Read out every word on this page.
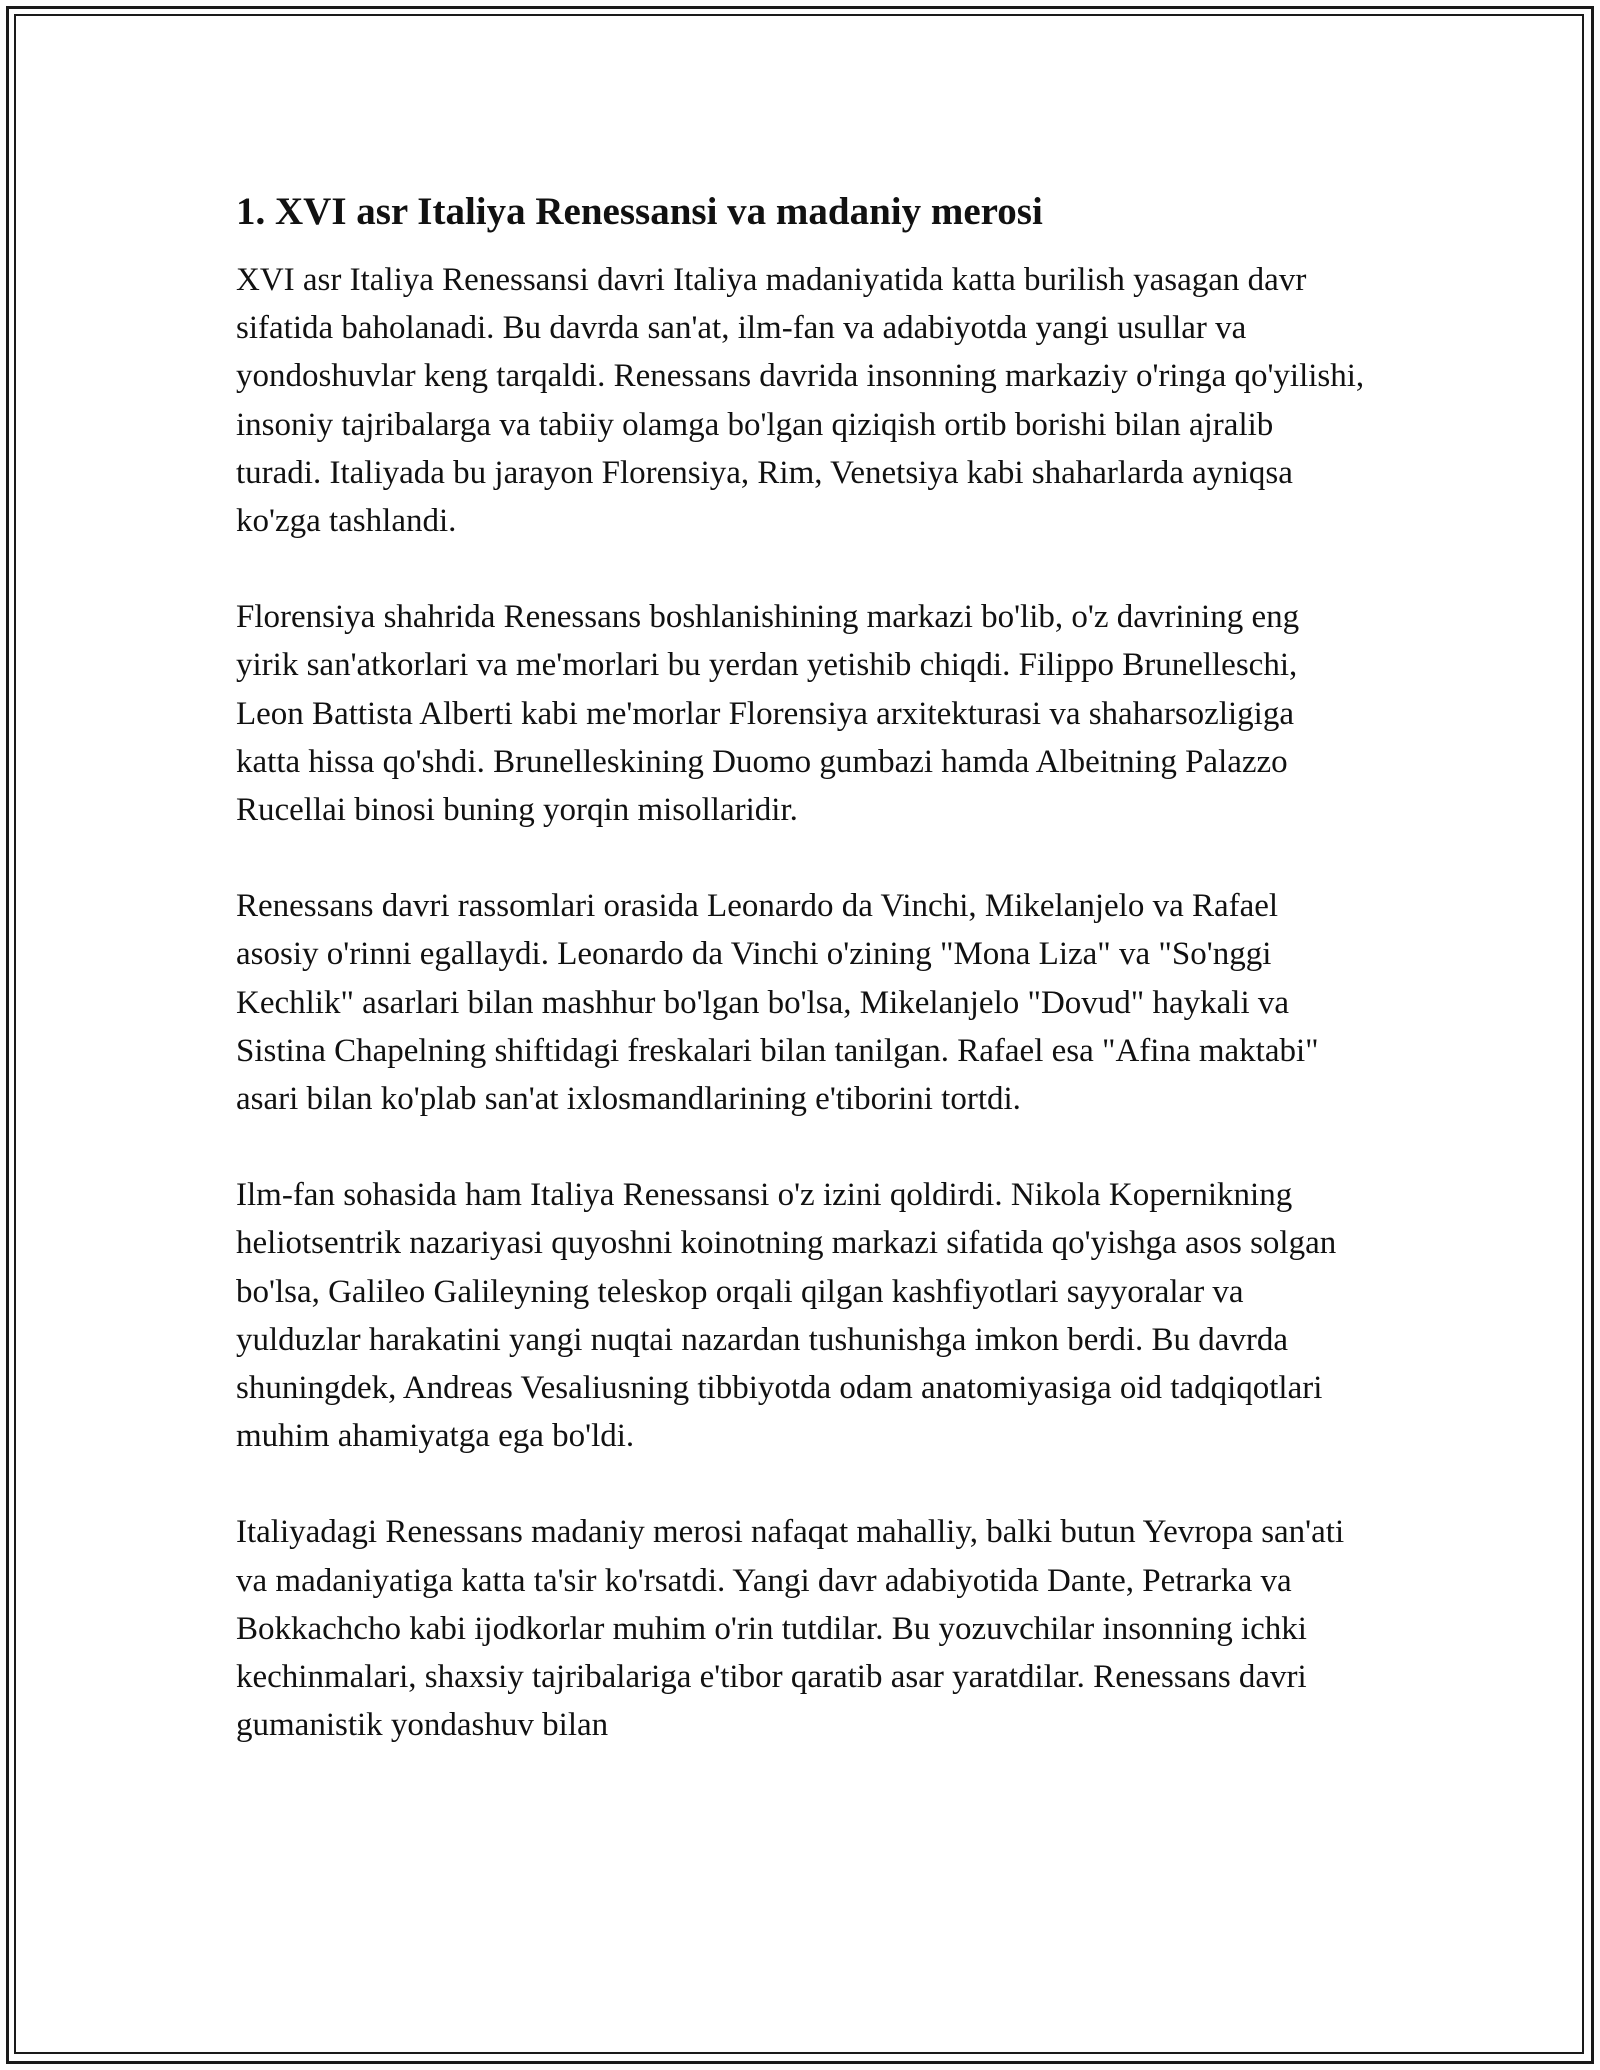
1. XVI asr Italiya Renessansi va madaniy merosi

XVI asr Italiya Renessansi davri Italiya madaniyatida katta burilish yasagan davr sifatida baholanadi. Bu davrda san'at, ilm-fan va adabiyotda yangi usullar va yondoshuvlar keng tarqaldi. Renessans davrida insonning markaziy o'ringa qo'yilishi, insoniy tajribalarga va tabiiy olamga bo'lgan qiziqish ortib borishi bilan ajralib turadi. Italiyada bu jarayon Florensiya, Rim, Venetsiya kabi shaharlarda ayniqsa ko'zga tashlandi.

Florensiya shahrida Renessans boshlanishining markazi bo'lib, o'z davrining eng yirik san'atkorlari va me'morlari bu yerdan yetishib chiqdi. Filippo Brunelleschi, Leon Battista Alberti kabi me'morlar Florensiya arxitekturasi va shaharsozligiga katta hissa qo'shdi. Brunelleskining Duomo gumbazi hamda Albeitning Palazzo Rucellai binosi buning yorqin misollaridir.

Renessans davri rassomlari orasida Leonardo da Vinchi, Mikelanjelo va Rafael asosiy o'rinni egallaydi. Leonardo da Vinchi o'zining "Mona Liza" va "So'nggi Kechlik" asarlari bilan mashhur bo'lgan bo'lsa, Mikelanjelo "Dovud" haykali va Sistina Chapelning shiftidagi freskalari bilan tanilgan. Rafael esa "Afina maktabi" asari bilan ko'plab san'at ixlosmandlarining e'tiborini tortdi.

Ilm-fan sohasida ham Italiya Renessansi o'z izini qoldirdi. Nikola Kopernikning heliotsentrik nazariyasi quyoshni koinotning markazi sifatida qo'yishga asos solgan bo'lsa, Galileo Galileyning teleskop orqali qilgan kashfiyotlari sayyoralar va yulduzlar harakatini yangi nuqtai nazardan tushunishga imkon berdi. Bu davrda shuningdek, Andreas Vesaliusning tibbiyotda odam anatomiyasiga oid tadqiqotlari muhim ahamiyatga ega bo'ldi.

Italiyadagi Renessans madaniy merosi nafaqat mahalliy, balki butun Yevropa san'ati va madaniyatiga katta ta'sir ko'rsatdi. Yangi davr adabiyotida Dante, Petrarka va Bokkachcho kabi ijodkorlar muhim o'rin tutdilar. Bu yozuvchilar insonning ichki kechinmalari, shaxsiy tajribalariga e'tibor qaratib asar yaratdilar. Renessans davri gumanistik yondashuv bilan
